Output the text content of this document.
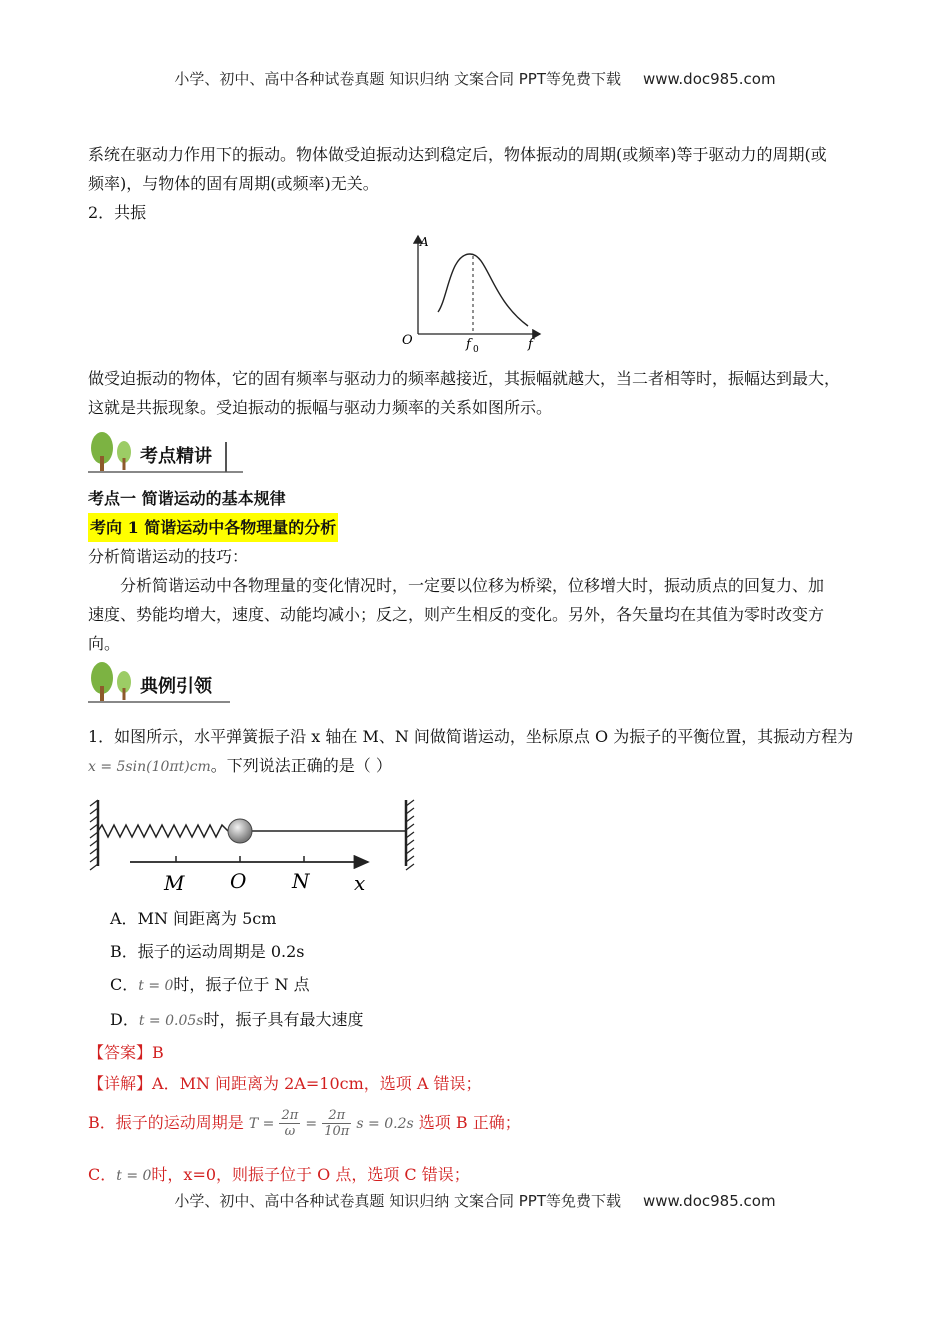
小学、初中、高中各种试卷真题 知识归纳 文案合同 PPT等免费下载 www.doc985.com
系统在驱动力作用下的振动。物体做受迫振动达到稳定后，物体振动的周期(或频率)等于驱动力的周期(或
频率)，与物体的固有周期(或频率)无关。
2．共振
A
O	f 0	f
做受迫振动的物体，它的固有频率与驱动力的频率越接近，其振幅就越大，当二者相等时，振幅达到最大，
这就是共振现象。受迫振动的振幅与驱动力频率的关系如图所示。
考点精讲
考点一 简谐运动的基本规律
考向 1 简谐运动中各物理量的分析
分析简谐运动的技巧：
分析简谐运动中各物理量的变化情况时，一定要以位移为桥梁，位移增大时，振动质点的回复力、加
速度、势能均增大，速度、动能均减小；反之，则产生相反的变化。另外，各矢量均在其值为零时改变方
向。
典例引领
1．如图所示，水平弹簧振子沿 x 轴在 M、N 间做简谐运动，坐标原点 O 为振子的平衡位置，其振动方程为
x = 5sin(10πt)cm。下列说法正确的是（ ）
M O N x
A．MN 间距离为 5cm
B．振子的运动周期是 0.2s
C．t = 0时，振子位于 N 点
D．t = 0.05s时，振子具有最大速度
【答案】B
【详解】A．MN 间距离为 2A=10cm，选项 A 错误；
B．振子的运动周期是 $T = \frac{2\pi}{\omega} = \frac{2\pi}{10\pi}$ s = 0.2s 选项 B 正确；
C．t = 0时，x=0，则振子位于 O 点，选项 C 错误；
小学、初中、高中各种试卷真题 知识归纳 文案合同 PPT等免费下载 www.doc985.com
